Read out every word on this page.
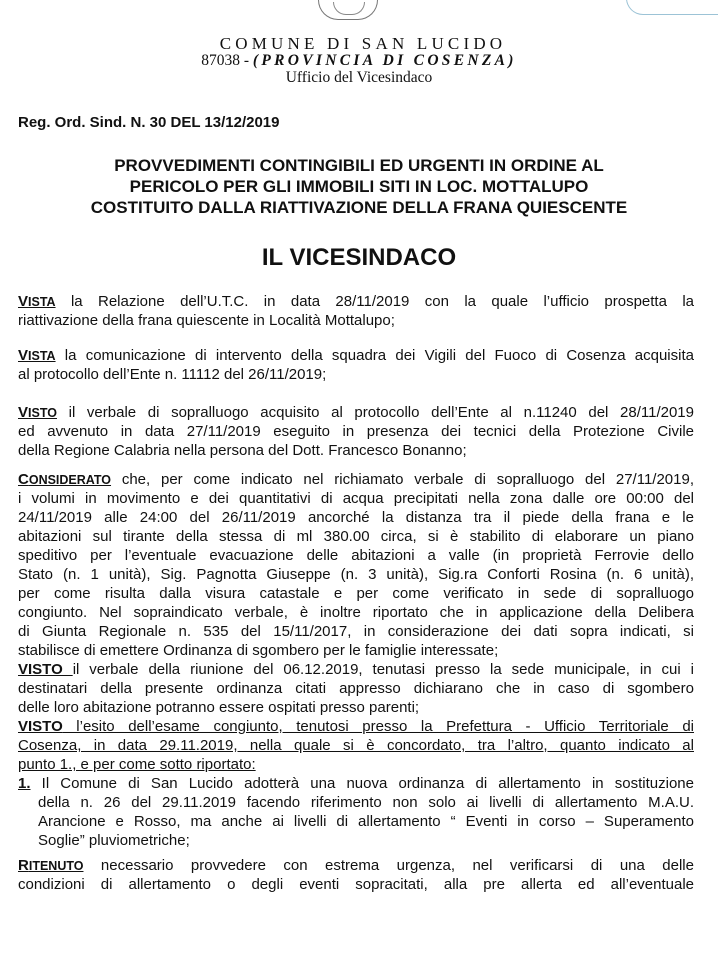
COMUNE DI SAN LUCIDO
87038 - (PROVINCIA DI COSENZA)
Ufficio del Vicesindaco
Reg. Ord. Sind. N. 30 DEL 13/12/2019
PROVVEDIMENTI CONTINGIBILI ED URGENTI IN ORDINE AL
PERICOLO PER GLI IMMOBILI SITI IN LOC. MOTTALUPO
COSTITUITO DALLA RIATTIVAZIONE DELLA FRANA QUIESCENTE
IL VICESINDACO
VISTA la Relazione dell’U.T.C. in data 28/11/2019 con la quale l’ufficio prospetta la
riattivazione della frana quiescente in Località Mottalupo;
VISTA la comunicazione di intervento della squadra dei Vigili del Fuoco di Cosenza acquisita
al protocollo dell’Ente n. 11112 del 26/11/2019;
VISTO il verbale di sopralluogo acquisito al protocollo dell’Ente al n.11240 del 28/11/2019
ed avvenuto in data 27/11/2019 eseguito in presenza dei tecnici della Protezione Civile
della Regione Calabria nella persona del Dott. Francesco Bonanno;
CONSIDERATO che, per come indicato nel richiamato verbale di sopralluogo del 27/11/2019,
i volumi in movimento e dei quantitativi di acqua precipitati nella zona dalle ore 00:00 del
24/11/2019 alle 24:00 del 26/11/2019 ancorché la distanza tra il piede della frana e le
abitazioni sul tirante della stessa di ml 380.00 circa, si è stabilito di elaborare un piano
speditivo per l’eventuale evacuazione delle abitazioni a valle (in proprietà Ferrovie dello
Stato (n. 1 unità), Sig. Pagnotta Giuseppe (n. 3 unità), Sig.ra Conforti Rosina (n. 6 unità),
per come risulta dalla visura catastale e per come verificato in sede di sopralluogo
congiunto. Nel sopraindicato verbale, è inoltre riportato che in applicazione della Delibera
di Giunta Regionale n. 535 del 15/11/2017, in considerazione dei dati sopra indicati, si
stabilisce di emettere Ordinanza di sgombero per le famiglie interessate;
VISTO il verbale della riunione del 06.12.2019, tenutasi presso la sede municipale, in cui i
destinatari della presente ordinanza citati appresso dichiarano che in caso di sgombero
delle loro abitazione potranno essere ospitati presso parenti;
VISTO l’esito dell’esame congiunto, tenutosi presso la Prefettura - Ufficio Territoriale di
Cosenza, in data 29.11.2019, nella quale si è concordato, tra l’altro, quanto indicato al
punto 1., e per come sotto riportato:
1. Il Comune di San Lucido adotterà una nuova ordinanza di allertamento in sostituzione
della n. 26 del 29.11.2019 facendo riferimento non solo ai livelli di allertamento M.A.U.
Arancione e Rosso, ma anche ai livelli di allertamento “ Eventi in corso – Superamento
Soglie” pluviometriche;
RITENUTO necessario provvedere con estrema urgenza, nel verificarsi di una delle
condizioni di allertamento o degli eventi sopracitati, alla pre allerta ed all’eventuale
